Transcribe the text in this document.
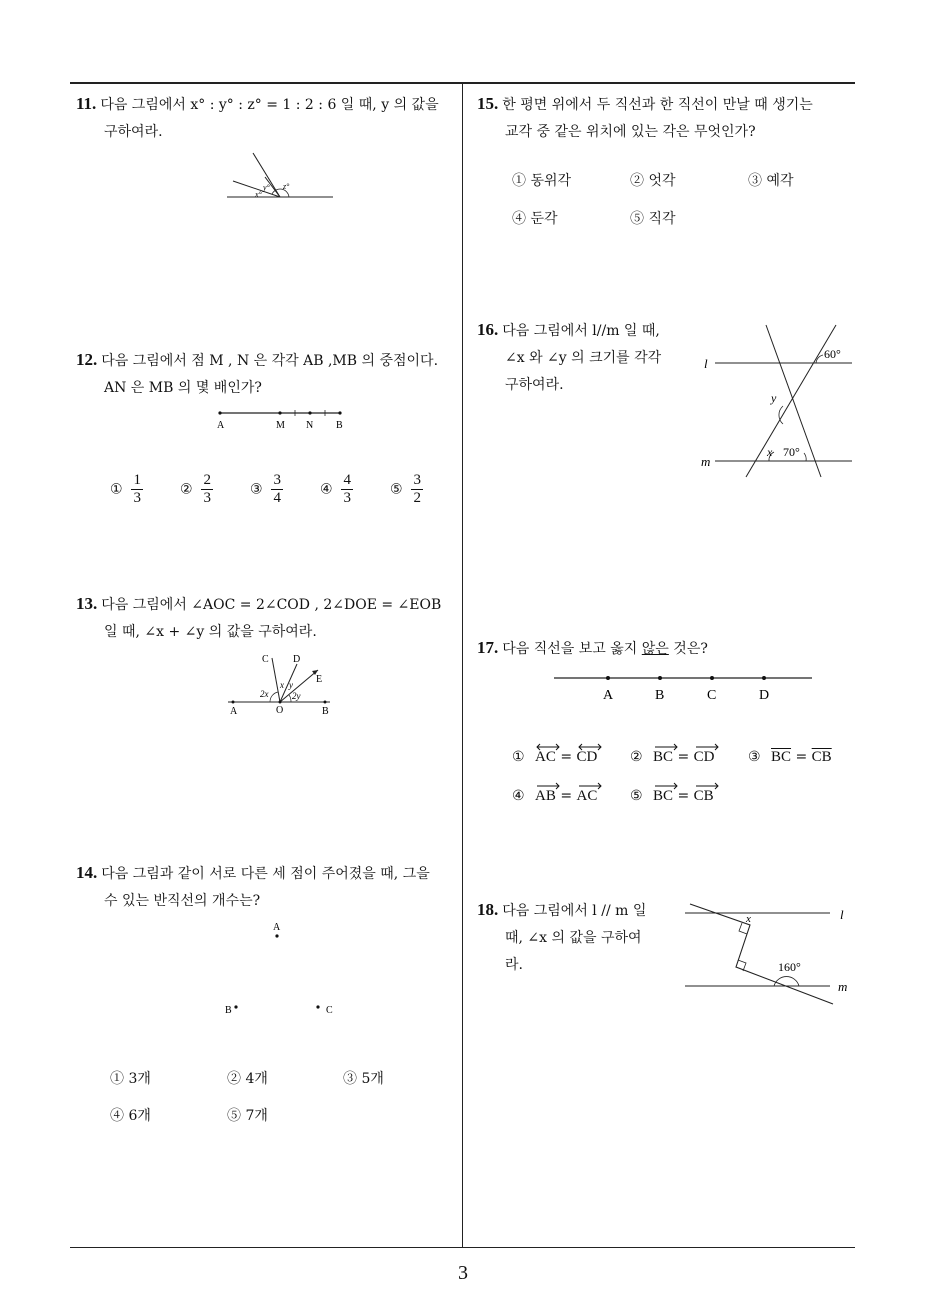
3
11. 다음 그림에서 x° : y° : z° = 1 : 2 : 6 일 때, y 의 값을
구하여라.
x°
y° z°
12. 다음 그림에서 점 M , N 은 각각 AB ,MB 의 중점이다.
AN 은 MB 의 몇 배인가?
A	M N B
① $\frac{1}{3}$	② $\frac{2}{3}$	③ $\frac{3}{4}$	④ $\frac{4}{3}$	⑤ $\frac{3}{2}$
13. 다음 그림에서 ∠AOC = 2∠COD , 2∠DOE = ∠EOB
일 때, ∠x + ∠y 의 값을 구하여라.
C D
E
A	O	B
2x
x y
2y
14. 다음 그림과 같이 서로 다른 세 점이 주어졌을 때, 그을
수 있는 반직선의 개수는?
A
B	C
① 3개	② 4개	③ 5개
④ 6개	⑤ 7개
15. 한 평면 위에서 두 직선과 한 직선이 만날 때 생기는
교각 중 같은 위치에 있는 각은 무엇인가?
① 동위각	② 엇각	③ 예각
④ 둔각	⑤ 직각
16. 다음 그림에서 l//m 일 때,
∠x 와 ∠y 의 크기를 각각
구하여라.
l
m
60°
70°
x
y
17. 다음 직선을 보고 옳지 않은 것은?
A	B	C	D
① AC = CD ② BC = CD ③ $\overline{BC} = \overline{CB}$
④ AB = AC ⑤ BC = CB
18. 다음 그림에서 l // m 일
때, ∠x 의 값을 구하여
라.
l
m
160°
x
